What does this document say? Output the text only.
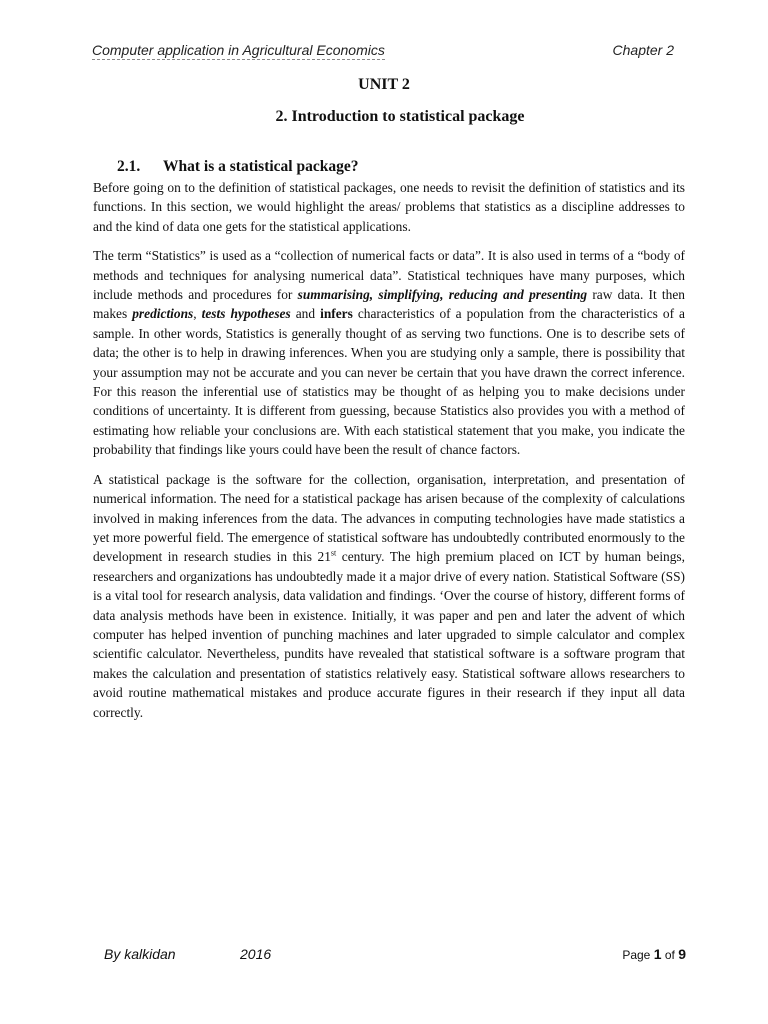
Computer application in Agricultural Economics	Chapter 2
UNIT 2
2. Introduction to statistical package
2.1. What is a statistical package?

Before going on to the definition of statistical packages, one needs to revisit the definition of statistics and its functions. In this section, we would highlight the areas/ problems that statistics as a discipline addresses to and the kind of data one gets for the statistical applications.

The term “Statistics” is used as a “collection of numerical facts or data”. It is also used in terms of a “body of methods and techniques for analysing numerical data”. Statistical techniques have many purposes, which include methods and procedures for summarising, simplifying, reducing and presenting raw data. It then makes predictions, tests hypotheses and infers characteristics of a population from the characteristics of a sample. In other words, Statistics is generally thought of as serving two functions. One is to describe sets of data; the other is to help in drawing inferences. When you are studying only a sample, there is possibility that your assumption may not be accurate and you can never be certain that you have drawn the correct inference. For this reason the inferential use of statistics may be thought of as helping you to make decisions under conditions of uncertainty. It is different from guessing, because Statistics also provides you with a method of estimating how reliable your conclusions are. With each statistical statement that you make, you indicate the probability that findings like yours could have been the result of chance factors.

A statistical package is the software for the collection, organisation, interpretation, and presentation of numerical information. The need for a statistical package has arisen because of the complexity of calculations involved in making inferences from the data. The advances in computing technologies have made statistics a yet more powerful field. The emergence of statistical software has undoubtedly contributed enormously to the development in research studies in this 21st century. The high premium placed on ICT by human beings, researchers and organizations has undoubtedly made it a major drive of every nation. Statistical Software (SS) is a vital tool for research analysis, data validation and findings. ‘Over the course of history, different forms of data analysis methods have been in existence. Initially, it was paper and pen and later the advent of which computer has helped invention of punching machines and later upgraded to simple calculator and complex scientific calculator. Nevertheless, pundits have revealed that statistical software is a software program that makes the calculation and presentation of statistics relatively easy. Statistical software allows researchers to avoid routine mathematical mistakes and produce accurate figures in their research if they input all data correctly.

By kalkidan	2016	Page 1 of 9
